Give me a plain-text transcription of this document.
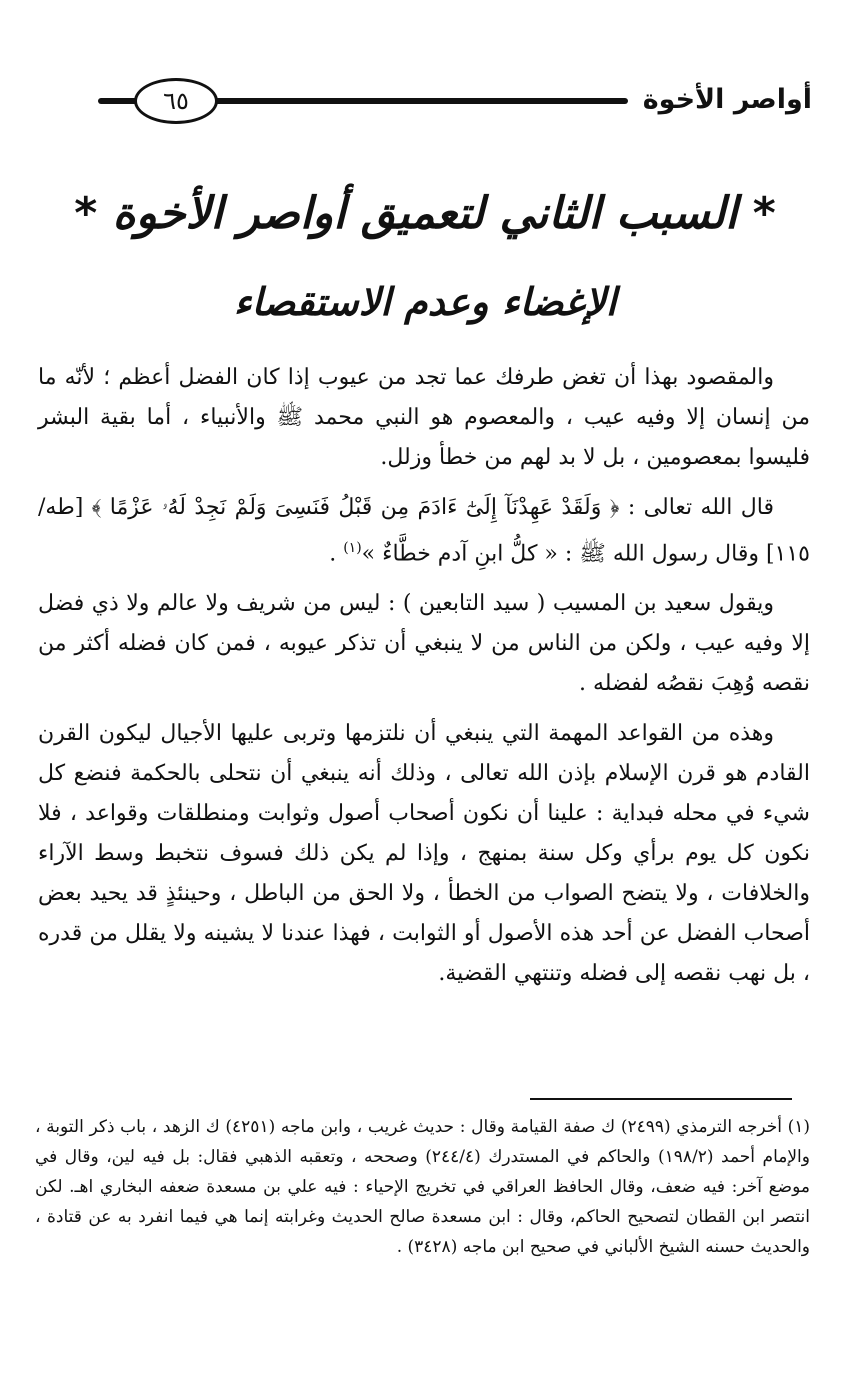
أواصر الأخوة
٦٥
* السبب الثاني لتعميق أواصر الأخوة *
الإغضاء وعدم الاستقصاء

والمقصود بهذا أن تغض طرفك عما تجد من عيوب إذا كان الفضل أعظم ؛ لأنّه ما من إنسان إلا وفيه عيب ، والمعصوم هو النبي محمد ﷺ والأنبياء ، أما بقية البشر فليسوا بمعصومين ، بل لا بد لهم من خطأ وزلل.

قال الله تعالى : ﴿ وَلَقَدْ عَهِدْنَآ إِلَىٰٓ ءَادَمَ مِن قَبْلُ فَنَسِىَ وَلَمْ نَجِدْ لَهُۥ عَزْمًا ﴾ [طه/ ١١٥] وقال رسول الله ﷺ : « كلُّ ابنِ آدم خطَّاءٌ »$^{(١)}$ .

ويقول سعيد بن المسيب ( سيد التابعين ) : ليس من شريف ولا عالم ولا ذي فضل إلا وفيه عيب ، ولكن من الناس من لا ينبغي أن تذكر عيوبه ، فمن كان فضله أكثر من نقصه وُهِبَ نقصُه لفضله .

وهذه من القواعد المهمة التي ينبغي أن نلتزمها وتربى عليها الأجيال ليكون القرن القادم هو قرن الإسلام بإذن الله تعالى ، وذلك أنه ينبغي أن نتحلى بالحكمة فنضع كل شيء في محله فبداية : علينا أن نكون أصحاب أصول وثوابت ومنطلقات وقواعد ، فلا نكون كل يوم برأي وكل سنة بمنهج ، وإذا لم يكن ذلك فسوف نتخبط وسط الآراء والخلافات ، ولا يتضح الصواب من الخطأ ، ولا الحق من الباطل ، وحينئذٍ قد يحيد بعض أصحاب الفضل عن أحد هذه الأصول أو الثوابت ، فهذا عندنا لا يشينه ولا يقلل من قدره ، بل نهب نقصه إلى فضله وتنتهي القضية.

(١) أخرجه الترمذي (٢٤٩٩) ك صفة القيامة وقال : حديث غريب ، وابن ماجه (٤٢٥١) ك الزهد ، باب ذكر التوبة ، والإمام أحمد (١٩٨/٢) والحاكم في المستدرك (٢٤٤/٤) وصححه ، وتعقبه الذهبي فقال: بل فيه لين، وقال في موضع آخر: فيه ضعف، وقال الحافظ العراقي في تخريج الإحياء : فيه علي بن مسعدة ضعفه البخاري اهـ. لكن انتصر ابن القطان لتصحيح الحاكم، وقال : ابن مسعدة صالح الحديث وغرابته إنما هي فيما انفرد به عن قتادة ، والحديث حسنه الشيخ الألباني في صحيح ابن ماجه (٣٤٢٨) .
